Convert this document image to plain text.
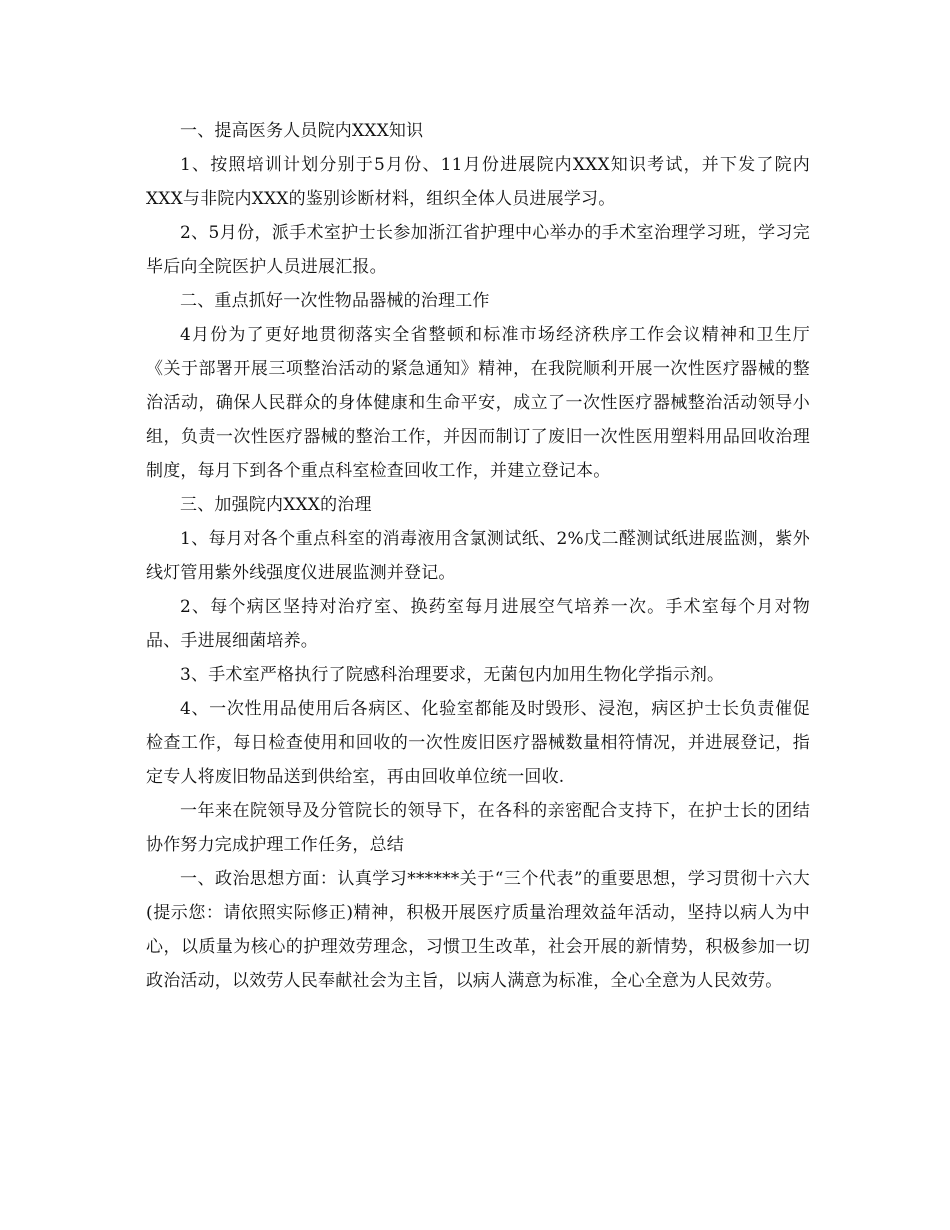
一、提高医务人员院内XXX知识

1、按照培训计划分别于5月份、11月份进展院内XXX知识考试，并下发了院内XXX与非院内XXX的鉴别诊断材料，组织全体人员进展学习。

2、5月份，派手术室护士长参加浙江省护理中心举办的手术室治理学习班，学习完毕后向全院医护人员进展汇报。

二、重点抓好一次性物品器械的治理工作

4月份为了更好地贯彻落实全省整顿和标准市场经济秩序工作会议精神和卫生厅《关于部署开展三项整治活动的紧急通知》精神，在我院顺利开展一次性医疗器械的整治活动，确保人民群众的身体健康和生命平安，成立了一次性医疗器械整治活动领导小组，负责一次性医疗器械的整治工作，并因而制订了废旧一次性医用塑料用品回收治理制度，每月下到各个重点科室检查回收工作，并建立登记本。

三、加强院内XXX的治理

1、每月对各个重点科室的消毒液用含氯测试纸、2%戊二醛测试纸进展监测，紫外线灯管用紫外线强度仪进展监测并登记。

2、每个病区坚持对治疗室、换药室每月进展空气培养一次。手术室每个月对物品、手进展细菌培养。

3、手术室严格执行了院感科治理要求，无菌包内加用生物化学指示剂。

4、一次性用品使用后各病区、化验室都能及时毁形、浸泡，病区护士长负责催促检查工作，每日检查使用和回收的一次性废旧医疗器械数量相符情况，并进展登记，指定专人将废旧物品送到供给室，再由回收单位统一回收.

一年来在院领导及分管院长的领导下，在各科的亲密配合支持下，在护士长的团结协作努力完成护理工作任务，总结

一、政治思想方面：认真学习******关于“三个代表”的重要思想，学习贯彻十六大(提示您：请依照实际修正)精神，积极开展医疗质量治理效益年活动，坚持以病人为中心，以质量为核心的护理效劳理念，习惯卫生改革，社会开展的新情势，积极参加一切政治活动，以效劳人民奉献社会为主旨，以病人满意为标准，全心全意为人民效劳。
